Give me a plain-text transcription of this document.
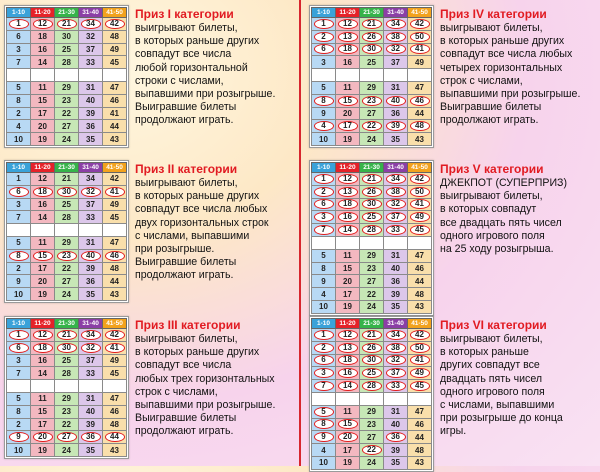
1-10	11-20	21-30	31-40	41-50
1	12	21	34	42
6	18	30	32	48
3	16	25	37	49
7	14	28	33	45

5	11	29	31	47
8	15	23	40	46
2	17	22	39	41
4	20	27	36	44
10	19	24	35	43
Приз I категории
выигрывают билеты,
в которых раньше других
совпадут все числа
любой горизонтальной
строки с числами,
выпавшими при розыгрыше.
Выигравшие билеты
продолжают играть.
1-10	11-20	21-30	31-40	41-50
1	12	21	34	42
2	13	26	38	50
6	18	30	32	41
3	16	25	37	49

5	11	29	31	47
8	15	23	40	46
9	20	27	36	44
4	17	22	39	48
10	19	24	35	43
Приз IV категории
выигрывают билеты,
в которых раньше других
совпадут все числа любых
четырех горизонтальных
строк с числами,
выпавшими при розыгрыше.
Выигравшие билеты
продолжают играть.
1-10	11-20	21-30	31-40	41-50
1	12	21	34	42
6	18	30	32	41
3	16	25	37	49
7	14	28	33	45

5	11	29	31	47
8	15	23	40	46
2	17	22	39	48
9	20	27	36	44
10	19	24	35	43
Приз II категории
выигрывают билеты,
в которых раньше других
совпадут все числа любых
двух горизонтальных строк
с числами, выпавшими
при розыгрыше.
Выигравшие билеты
продолжают играть.
1-10	11-20	21-30	31-40	41-50
1	12	21	34	42
2	13	26	38	50
6	18	30	32	41
3	16	25	37	49
7	14	28	33	45

5	11	29	31	47
8	15	23	40	46
9	20	27	36	44
4	17	22	39	48
10	19	24	35	43
Приз V категории
ДЖЕКПОТ (СУПЕРПРИЗ)
выигрывают билеты,
в которых совпадут
все двадцать пять чисел
одного игрового поля
на 25 ходу розыгрыша.
1-10	11-20	21-30	31-40	41-50
1	12	21	34	42
6	18	30	32	41
3	16	25	37	49
7	14	28	33	45

5	11	29	31	47
8	15	23	40	46
2	17	22	39	48
9	20	27	36	44
10	19	24	35	43
Приз III категории
выигрывают билеты,
в которых раньше других
совпадут все числа
любых трех горизонтальных
строк с числами,
выпавшими при розыгрыше.
Выигравшие билеты
продолжают играть.
1-10	11-20	21-30	31-40	41-50
1	12	21	34	42
2	13	26	38	50
6	18	30	32	41
3	16	25	37	49
7	14	28	33	45

5	11	29	31	47
8	15	23	40	46
9	20	27	36	44
4	17	22	39	48
10	19	24	35	43
Приз VI категории
выигрывают билеты,
в которых раньше
других совпадут все
двадцать пять чисел
одного игрового поля
с числами, выпавшими
при розыгрыше до конца
игры.
